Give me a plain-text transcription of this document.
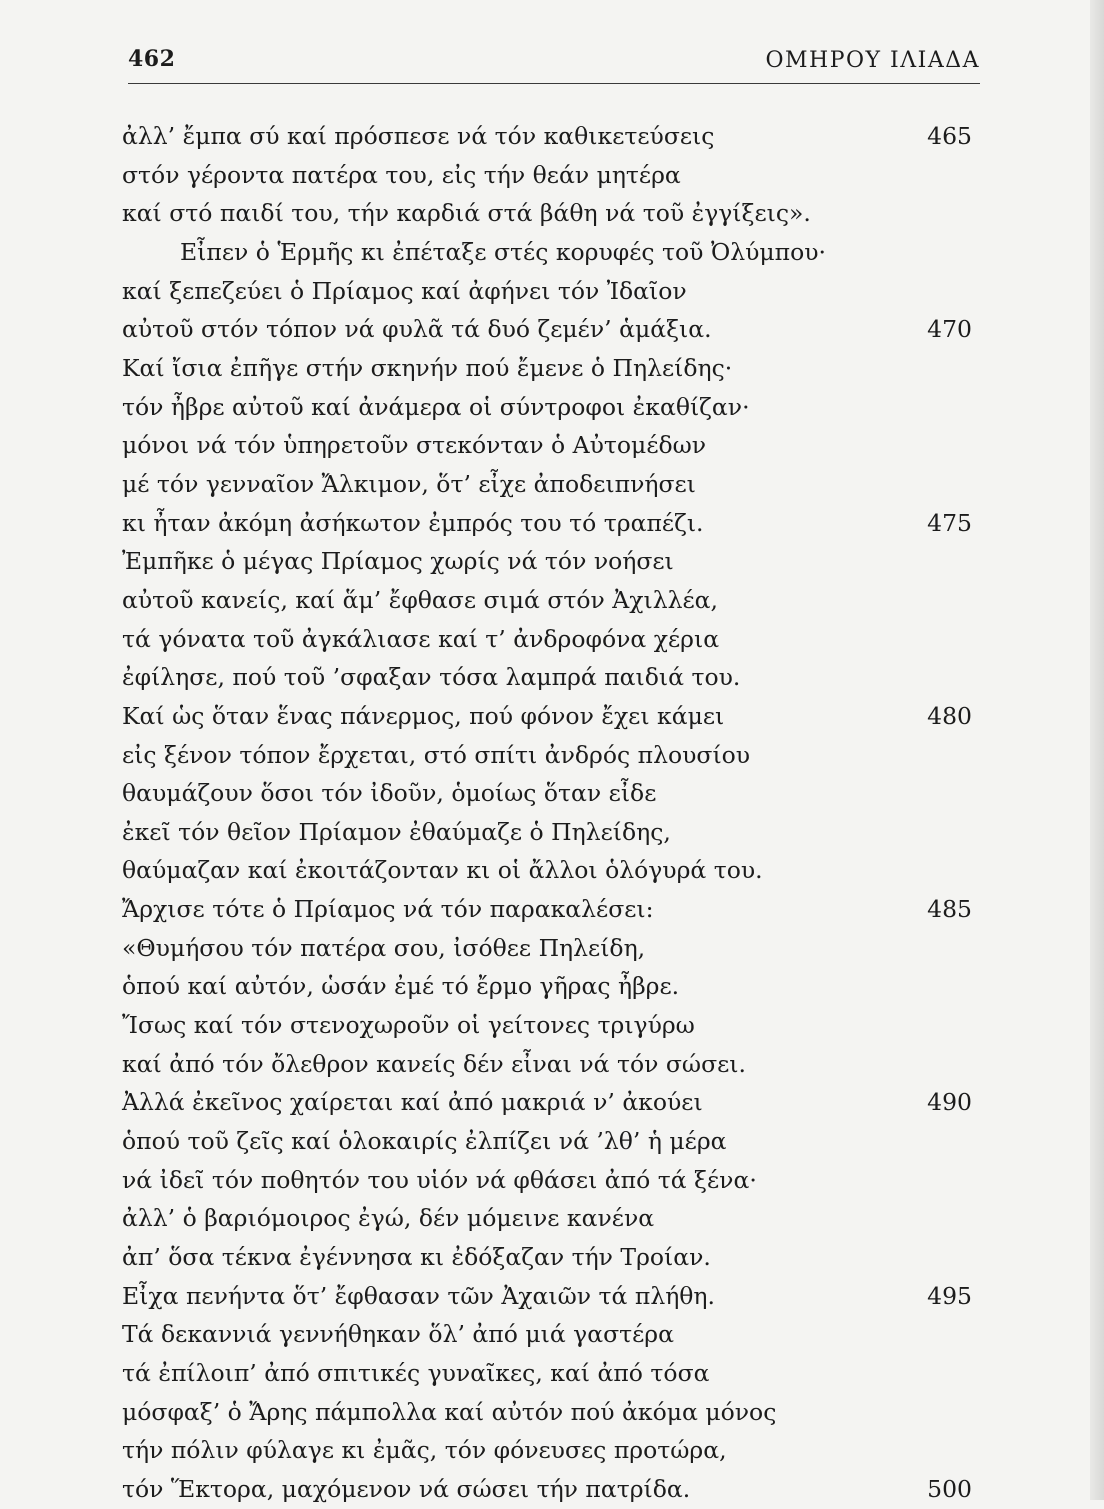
462	ΟΜΗΡΟΥ ΙΛΙΑΔΑ
ἀλλ’ ἔμπα σύ καί πρόσπεσε νά τόν καθικετεύσεις	465
στόν γέροντα πατέρα του, εἰς τήν θεάν μητέρα
καί στό παιδί του, τήν καρδιά στά βάθη νά τοῦ ἐγγίξεις».
Εἶπεν ὁ Ἑρμῆς κι ἐπέταξε στές κορυφές τοῦ Ὀλύμπου·
καί ξεπεζεύει ὁ Πρίαμος καί ἀφήνει τόν Ἰδαῖον
αὐτοῦ στόν τόπον νά φυλᾶ τά δυό ζεμέν’ ἁμάξια.	470
Καί ἴσια ἐπῆγε στήν σκηνήν πού ἔμενε ὁ Πηλείδης·
τόν ἦβρε αὐτοῦ καί ἀνάμερα οἱ σύντροφοι ἐκαθίζαν·
μόνοι νά τόν ὑπηρετοῦν στεκόνταν ὁ Αὐτομέδων
μέ τόν γενναῖον Ἄλκιμον, ὅτ’ εἶχε ἀποδειπνήσει
κι ἦταν ἀκόμη ἀσήκωτον ἐμπρός του τό τραπέζι.	475
Ἐμπῆκε ὁ μέγας Πρίαμος χωρίς νά τόν νοήσει
αὐτοῦ κανείς, καί ἅμ’ ἔφθασε σιμά στόν Ἀχιλλέα,
τά γόνατα τοῦ ἀγκάλιασε καί τ’ ἀνδροφόνα χέρια
ἐφίλησε, πού τοῦ ’σφαξαν τόσα λαμπρά παιδιά του.
Καί ὡς ὅταν ἕνας πάνερμος, πού φόνον ἔχει κάμει	480
εἰς ξένον τόπον ἔρχεται, στό σπίτι ἀνδρός πλουσίου
θαυμάζουν ὅσοι τόν ἰδοῦν, ὁμοίως ὅταν εἶδε
ἐκεῖ τόν θεῖον Πρίαμον ἐθαύμαζε ὁ Πηλείδης,
θαύμαζαν καί ἐκοιτάζονταν κι οἱ ἄλλοι ὁλόγυρά του.
Ἄρχισε τότε ὁ Πρίαμος νά τόν παρακαλέσει:	485
«Θυμήσου τόν πατέρα σου, ἰσόθεε Πηλείδη,
ὁπού καί αὐτόν, ὡσάν ἐμέ τό ἔρμο γῆρας ἦβρε.
Ἴσως καί τόν στενοχωροῦν οἱ γείτονες τριγύρω
καί ἀπό τόν ὄλεθρον κανείς δέν εἶναι νά τόν σώσει.
Ἀλλά ἐκεῖνος χαίρεται καί ἀπό μακριά ν’ ἀκούει	490
ὁπού τοῦ ζεῖς καί ὁλοκαιρίς ἐλπίζει νά ’λθ’ ἡ μέρα
νά ἰδεῖ τόν ποθητόν του υἱόν νά φθάσει ἀπό τά ξένα·
ἀλλ’ ὁ βαριόμοιρος ἐγώ, δέν μόμεινε κανένα
ἀπ’ ὅσα τέκνα ἐγέννησα κι ἐδόξαζαν τήν Τροίαν.
Εἶχα πενήντα ὅτ’ ἔφθασαν τῶν Ἀχαιῶν τά πλήθη.	495
Τά δεκαννιά γεννήθηκαν ὅλ’ ἀπό μιά γαστέρα
τά ἐπίλοιπ’ ἀπό σπιτικές γυναῖκες, καί ἀπό τόσα
μόσφαξ’ ὁ Ἄρης πάμπολλα καί αὐτόν πού ἀκόμα μόνος
τήν πόλιν φύλαγε κι ἐμᾶς, τόν φόνευσες προτώρα,
τόν Ἕκτορα, μαχόμενον νά σώσει τήν πατρίδα.	500
